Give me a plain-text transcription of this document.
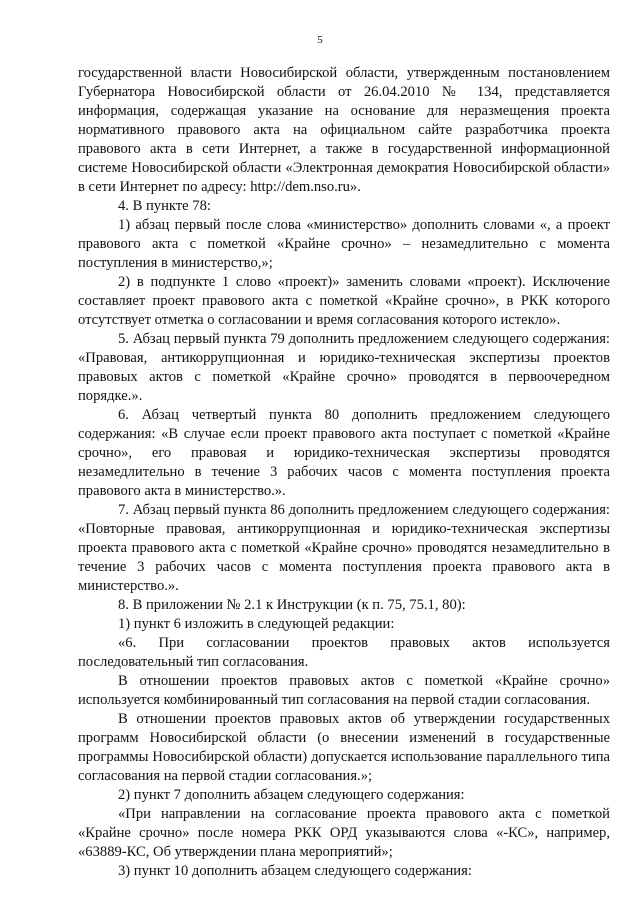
5

государственной власти Новосибирской области, утвержденным постановлением Губернатора Новосибирской области от 26.04.2010 № 134, представляется информация, содержащая указание на основание для неразмещения проекта нормативного правового акта на официальном сайте разработчика проекта правового акта в сети Интернет, а также в государственной информационной системе Новосибирской области «Электронная демократия Новосибирской области» в сети Интернет по адресу: http://dem.nso.ru».

4. В пункте 78:

1) абзац первый после слова «министерство» дополнить словами «, а проект правового акта с пометкой «Крайне срочно» – незамедлительно с момента поступления в министерство,»;

2) в подпункте 1 слово «проект)» заменить словами «проект). Исключение составляет проект правового акта с пометкой «Крайне срочно», в РКК которого отсутствует отметка о согласовании и время согласования которого истекло».

5. Абзац первый пункта 79 дополнить предложением следующего содержания: «Правовая, антикоррупционная и юридико-техническая экспертизы проектов правовых актов с пометкой «Крайне срочно» проводятся в первоочередном порядке.».

6. Абзац четвертый пункта 80 дополнить предложением следующего содержания: «В случае если проект правового акта поступает с пометкой «Крайне срочно», его правовая и юридико-техническая экспертизы проводятся незамедлительно в течение 3 рабочих часов с момента поступления проекта правового акта в министерство.».

7. Абзац первый пункта 86 дополнить предложением следующего содержания: «Повторные правовая, антикоррупционная и юридико-техническая экспертизы проекта правового акта с пометкой «Крайне срочно» проводятся незамедлительно в течение 3 рабочих часов с момента поступления проекта правового акта в министерство.».

8. В приложении № 2.1 к Инструкции (к п. 75, 75.1, 80):

1) пункт 6 изложить в следующей редакции:

«6. При согласовании проектов правовых актов используется последовательный тип согласования.

В отношении проектов правовых актов с пометкой «Крайне срочно» используется комбинированный тип согласования на первой стадии согласования.

В отношении проектов правовых актов об утверждении государственных программ Новосибирской области (о внесении изменений в государственные программы Новосибирской области) допускается использование параллельного типа согласования на первой стадии согласования.»;

2) пункт 7 дополнить абзацем следующего содержания:

«При направлении на согласование проекта правового акта с пометкой «Крайне срочно» после номера РКК ОРД указываются слова «-КС», например, «63889-КС, Об утверждении плана мероприятий»;

3) пункт 10 дополнить абзацем следующего содержания:
